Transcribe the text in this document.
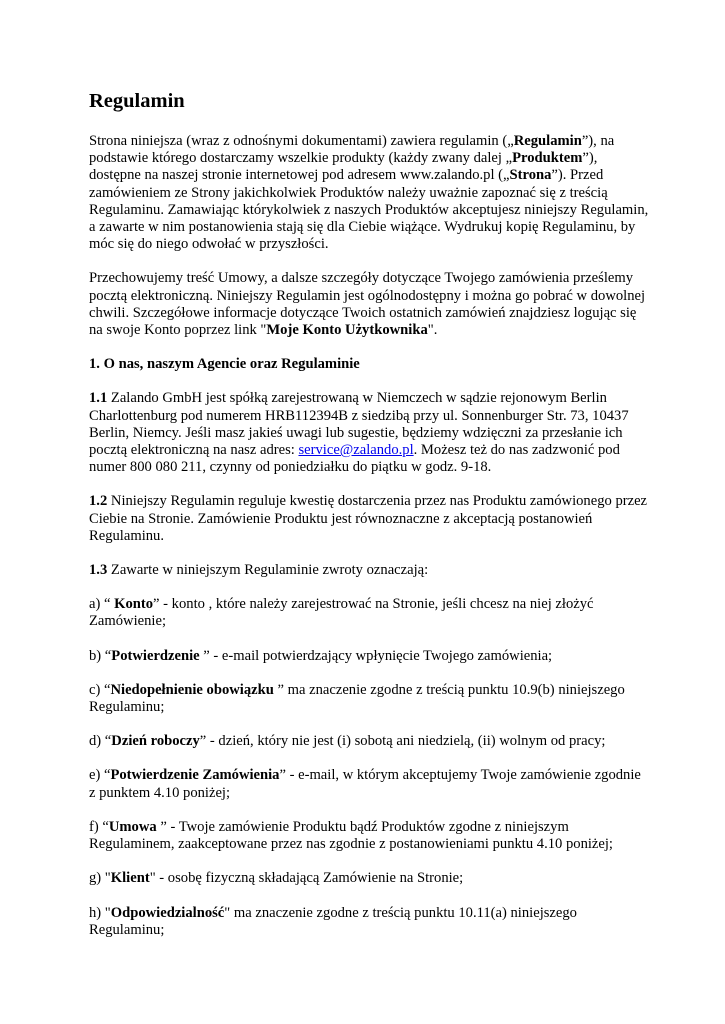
Regulamin

Strona niniejsza (wraz z odnośnymi dokumentami) zawiera regulamin („Regulamin”), na podstawie którego dostarczamy wszelkie produkty (każdy zwany dalej „Produktem”), dostępne na naszej stronie internetowej pod adresem www.zalando.pl („Strona”). Przed zamówieniem ze Strony jakichkolwiek Produktów należy uważnie zapoznać się z treścią Regulaminu. Zamawiając którykolwiek z naszych Produktów akceptujesz niniejszy Regulamin, a zawarte w nim postanowienia stają się dla Ciebie wiążące. Wydrukuj kopię Regulaminu, by móc się do niego odwołać w przyszłości.

Przechowujemy treść Umowy, a dalsze szczegóły dotyczące Twojego zamówienia prześlemy pocztą elektroniczną. Niniejszy Regulamin jest ogólnodostępny i można go pobrać w dowolnej chwili. Szczegółowe informacje dotyczące Twoich ostatnich zamówień znajdziesz logując się na swoje Konto poprzez link "Moje Konto Użytkownika".

1. O nas, naszym Agencie oraz Regulaminie

1.1 Zalando GmbH jest spółką zarejestrowaną w Niemczech w sądzie rejonowym Berlin Charlottenburg pod numerem HRB112394B z siedzibą przy ul. Sonnenburger Str. 73, 10437 Berlin, Niemcy. Jeśli masz jakieś uwagi lub sugestie, będziemy wdzięczni za przesłanie ich pocztą elektroniczną na nasz adres: service@zalando.pl. Możesz też do nas zadzwonić pod numer 800 080 211, czynny od poniedziałku do piątku w godz. 9-18.

1.2 Niniejszy Regulamin reguluje kwestię dostarczenia przez nas Produktu zamówionego przez Ciebie na Stronie. Zamówienie Produktu jest równoznaczne z akceptacją postanowień Regulaminu.

1.3 Zawarte w niniejszym Regulaminie zwroty oznaczają:

a) “ Konto” - konto , które należy zarejestrować na Stronie, jeśli chcesz na niej złożyć Zamówienie;

b) “Potwierdzenie ” - e-mail potwierdzający wpłynięcie Twojego zamówienia;

c) “Niedopełnienie obowiązku ” ma znaczenie zgodne z treścią punktu 10.9(b) niniejszego Regulaminu;

d) “Dzień roboczy” - dzień, który nie jest (i) sobotą ani niedzielą, (ii) wolnym od pracy;

e) “Potwierdzenie Zamówienia” - e-mail, w którym akceptujemy Twoje zamówienie zgodnie z punktem 4.10 poniżej;

f) “Umowa ” - Twoje zamówienie Produktu bądź Produktów zgodne z niniejszym Regulaminem, zaakceptowane przez nas zgodnie z postanowieniami punktu 4.10 poniżej;

g) "Klient" - osobę fizyczną składającą Zamówienie na Stronie;

h) "Odpowiedzialność" ma znaczenie zgodne z treścią punktu 10.11(a) niniejszego Regulaminu;
